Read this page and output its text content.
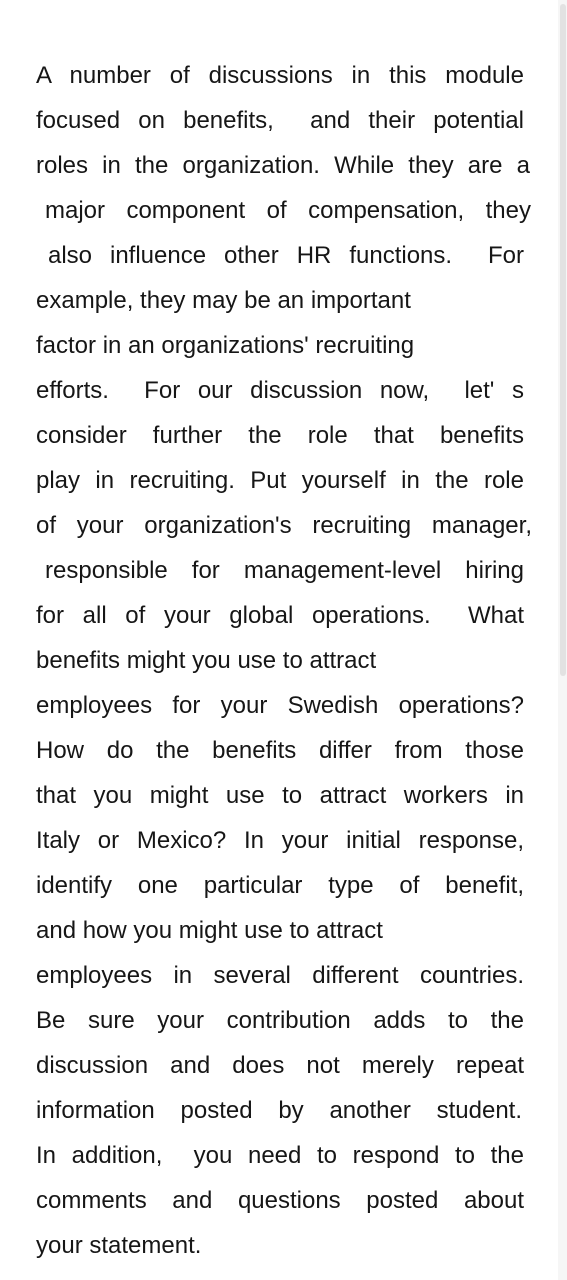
A number of discussions in this module
focused on benefits,  and their potential
roles in the organization. While they are a
major component of compensation, they
also influence other HR functions.  For
example, they may be an important
factor in an organizations' recruiting
efforts.  For our discussion now,  let' s
consider further the role that benefits
play in recruiting. Put yourself in the role
of your organization's recruiting manager,
responsible for management-level hiring
for all of your global operations.  What
benefits might you use to attract
employees for your Swedish operations?
How do the benefits differ from those
that you might use to attract workers in
Italy or Mexico? In your initial response,
identify one particular type of benefit,
and how you might use to attract
employees in several different countries.
Be sure your contribution adds to the
discussion and does not merely repeat
information posted by another student.
In addition,  you need to respond to the
comments and questions posted about
your statement.
